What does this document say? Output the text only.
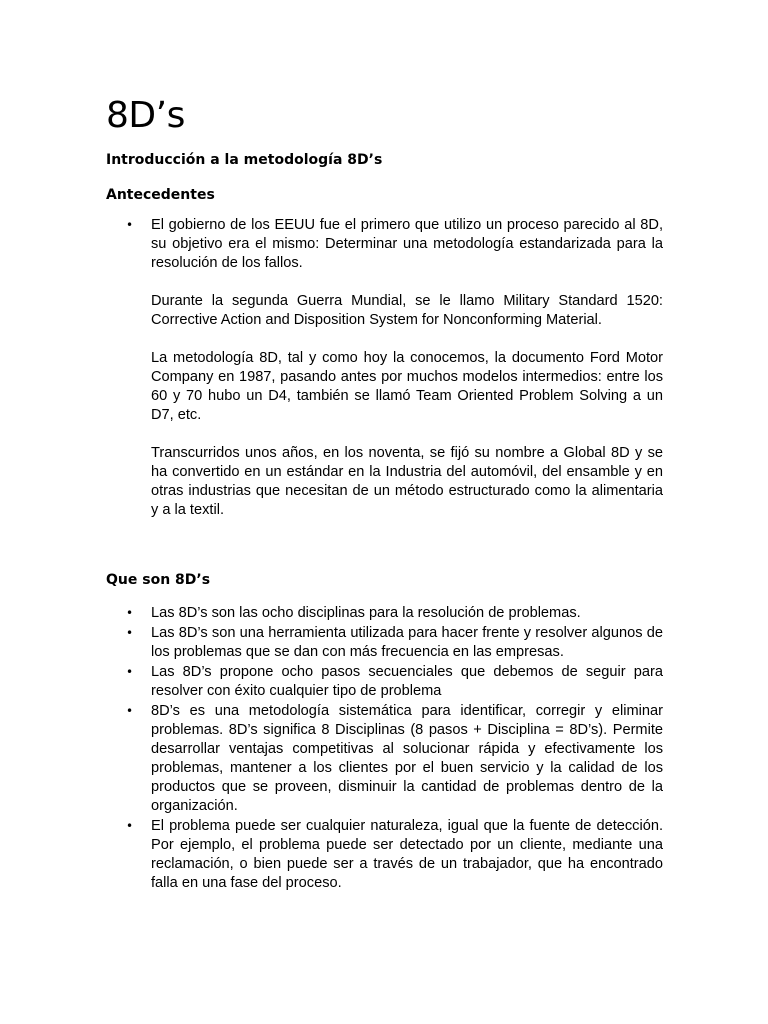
8D’s
Introducción a la metodología 8D’s
Antecedentes
• El gobierno de los EEUU fue el primero que utilizo un proceso parecido al 8D, su objetivo era el mismo: Determinar una metodología estandarizada para la resolución de los fallos.
Durante la segunda Guerra Mundial, se le llamo Military Standard 1520: Corrective Action and Disposition System for Nonconforming Material.
La metodología 8D, tal y como hoy la conocemos, la documento Ford Motor Company en 1987, pasando antes por muchos modelos intermedios: entre los 60 y 70 hubo un D4, también se llamó Team Oriented Problem Solving a un D7, etc.
Transcurridos unos años, en los noventa, se fijó su nombre a Global 8D y se ha convertido en un estándar en la Industria del automóvil, del ensamble y en otras industrias que necesitan de un método estructurado como la alimentaria y a la textil.
Que son 8D’s
• Las 8D’s son las ocho disciplinas para la resolución de problemas.
• Las 8D’s son una herramienta utilizada para hacer frente y resolver algunos de los problemas que se dan con más frecuencia en las empresas.
• Las 8D’s propone ocho pasos secuenciales que debemos de seguir para resolver con éxito cualquier tipo de problema
• 8D’s es una metodología sistemática para identificar, corregir y eliminar problemas. 8D’s significa 8 Disciplinas (8 pasos + Disciplina = 8D’s). Permite desarrollar ventajas competitivas al solucionar rápida y efectivamente los problemas, mantener a los clientes por el buen servicio y la calidad de los productos que se proveen, disminuir la cantidad de problemas dentro de la organización.
• El problema puede ser cualquier naturaleza, igual que la fuente de detección. Por ejemplo, el problema puede ser detectado por un cliente, mediante una reclamación, o bien puede ser a través de un trabajador, que ha encontrado falla en una fase del proceso.
